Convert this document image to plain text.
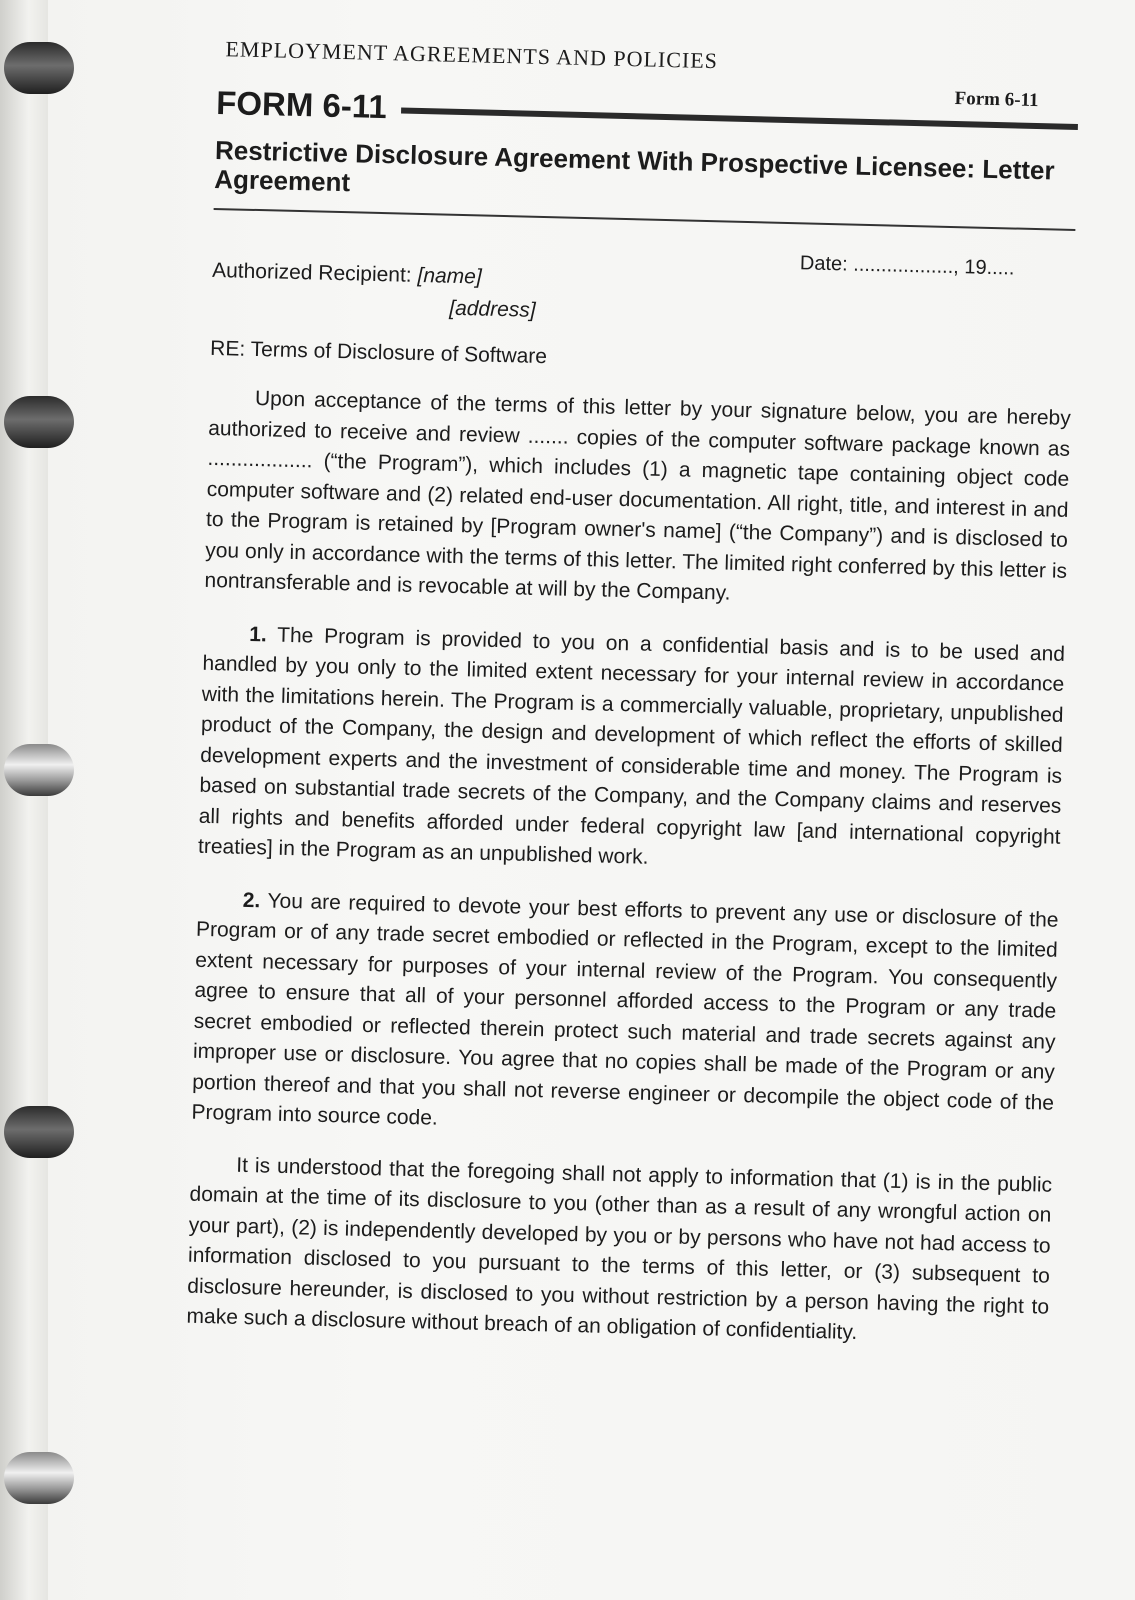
EMPLOYMENT AGREEMENTS AND POLICIES
Form 6-11
FORM 6-11
Restrictive Disclosure Agreement With Prospective Licensee: Letter Agreement
Date: .................., 19.....
Authorized Recipient: [name]
[address]
RE: Terms of Disclosure of Software

Upon acceptance of the terms of this letter by your signature below, you are hereby authorized to receive and review ....... copies of the computer software package known as .................. (“the Program”), which includes (1) a magnetic tape containing object code computer software and (2) related end-user documentation. All right, title, and interest in and to the Program is retained by [Program owner's name] (“the Company”) and is disclosed to you only in accordance with the terms of this letter. The limited right conferred by this letter is nontransferable and is revocable at will by the Company.

1. The Program is provided to you on a confidential basis and is to be used and handled by you only to the limited extent necessary for your internal review in accordance with the limitations herein. The Program is a commercially valuable, proprietary, unpublished product of the Company, the design and development of which reflect the efforts of skilled development experts and the investment of considerable time and money. The Program is based on substantial trade secrets of the Company, and the Company claims and reserves all rights and benefits afforded under federal copyright law [and international copyright treaties] in the Program as an unpublished work.

2. You are required to devote your best efforts to prevent any use or disclosure of the Program or of any trade secret embodied or reflected in the Program, except to the limited extent necessary for purposes of your internal review of the Program. You consequently agree to ensure that all of your personnel afforded access to the Program or any trade secret embodied or reflected therein protect such material and trade secrets against any improper use or disclosure. You agree that no copies shall be made of the Program or any portion thereof and that you shall not reverse engineer or decompile the object code of the Program into source code.

It is understood that the foregoing shall not apply to information that (1) is in the public domain at the time of its disclosure to you (other than as a result of any wrongful action on your part), (2) is independently developed by you or by persons who have not had access to information disclosed to you pursuant to the terms of this letter, or (3) subsequent to disclosure hereunder, is disclosed to you without restriction by a person having the right to make such a disclosure without breach of an obligation of confidentiality.
